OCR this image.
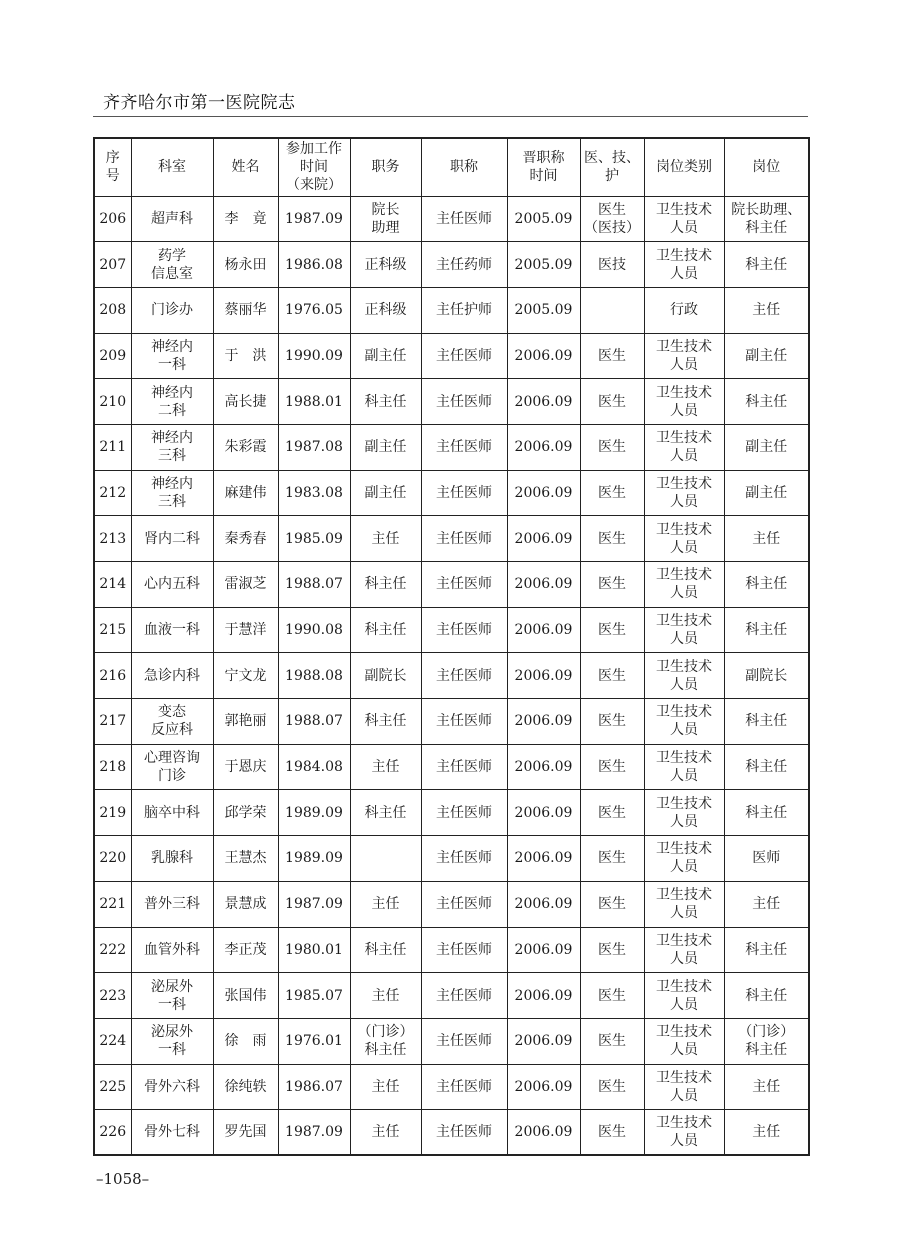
齐齐哈尔市第一医院院志
序
号	科室	姓名	参加工作
时间
（来院）	职务	职称	晋职称
时间	医、技、
护	岗位类别	岗位
206	超声科	李　竟	1987.09	院长
助理	主任医师	2005.09	医生
（医技）	卫生技术
人员	院长助理、
科主任
207	药学
信息室	杨永田	1986.08	正科级	主任药师	2005.09	医技	卫生技术
人员	科主任
208	门诊办	蔡丽华	1976.05	正科级	主任护师	2005.09		行政	主任
209	神经内
一科	于　洪	1990.09	副主任	主任医师	2006.09	医生	卫生技术
人员	副主任
210	神经内
二科	高长捷	1988.01	科主任	主任医师	2006.09	医生	卫生技术
人员	科主任
211	神经内
三科	朱彩霞	1987.08	副主任	主任医师	2006.09	医生	卫生技术
人员	副主任
212	神经内
三科	麻建伟	1983.08	副主任	主任医师	2006.09	医生	卫生技术
人员	副主任
213	肾内二科	秦秀春	1985.09	主任	主任医师	2006.09	医生	卫生技术
人员	主任
214	心内五科	雷淑芝	1988.07	科主任	主任医师	2006.09	医生	卫生技术
人员	科主任
215	血液一科	于慧洋	1990.08	科主任	主任医师	2006.09	医生	卫生技术
人员	科主任
216	急诊内科	宁文龙	1988.08	副院长	主任医师	2006.09	医生	卫生技术
人员	副院长
217	变态
反应科	郭艳丽	1988.07	科主任	主任医师	2006.09	医生	卫生技术
人员	科主任
218	心理咨询
门诊	于恩庆	1984.08	主任	主任医师	2006.09	医生	卫生技术
人员	科主任
219	脑卒中科	邱学荣	1989.09	科主任	主任医师	2006.09	医生	卫生技术
人员	科主任
220	乳腺科	王慧杰	1989.09		主任医师	2006.09	医生	卫生技术
人员	医师
221	普外三科	景慧成	1987.09	主任	主任医师	2006.09	医生	卫生技术
人员	主任
222	血管外科	李正茂	1980.01	科主任	主任医师	2006.09	医生	卫生技术
人员	科主任
223	泌尿外
一科	张国伟	1985.07	主任	主任医师	2006.09	医生	卫生技术
人员	科主任
224	泌尿外
一科	徐　雨	1976.01	（门诊）
科主任	主任医师	2006.09	医生	卫生技术
人员	（门诊）
科主任
225	骨外六科	徐纯轶	1986.07	主任	主任医师	2006.09	医生	卫生技术
人员	主任
226	骨外七科	罗先国	1987.09	主任	主任医师	2006.09	医生	卫生技术
人员	主任
–1058–
